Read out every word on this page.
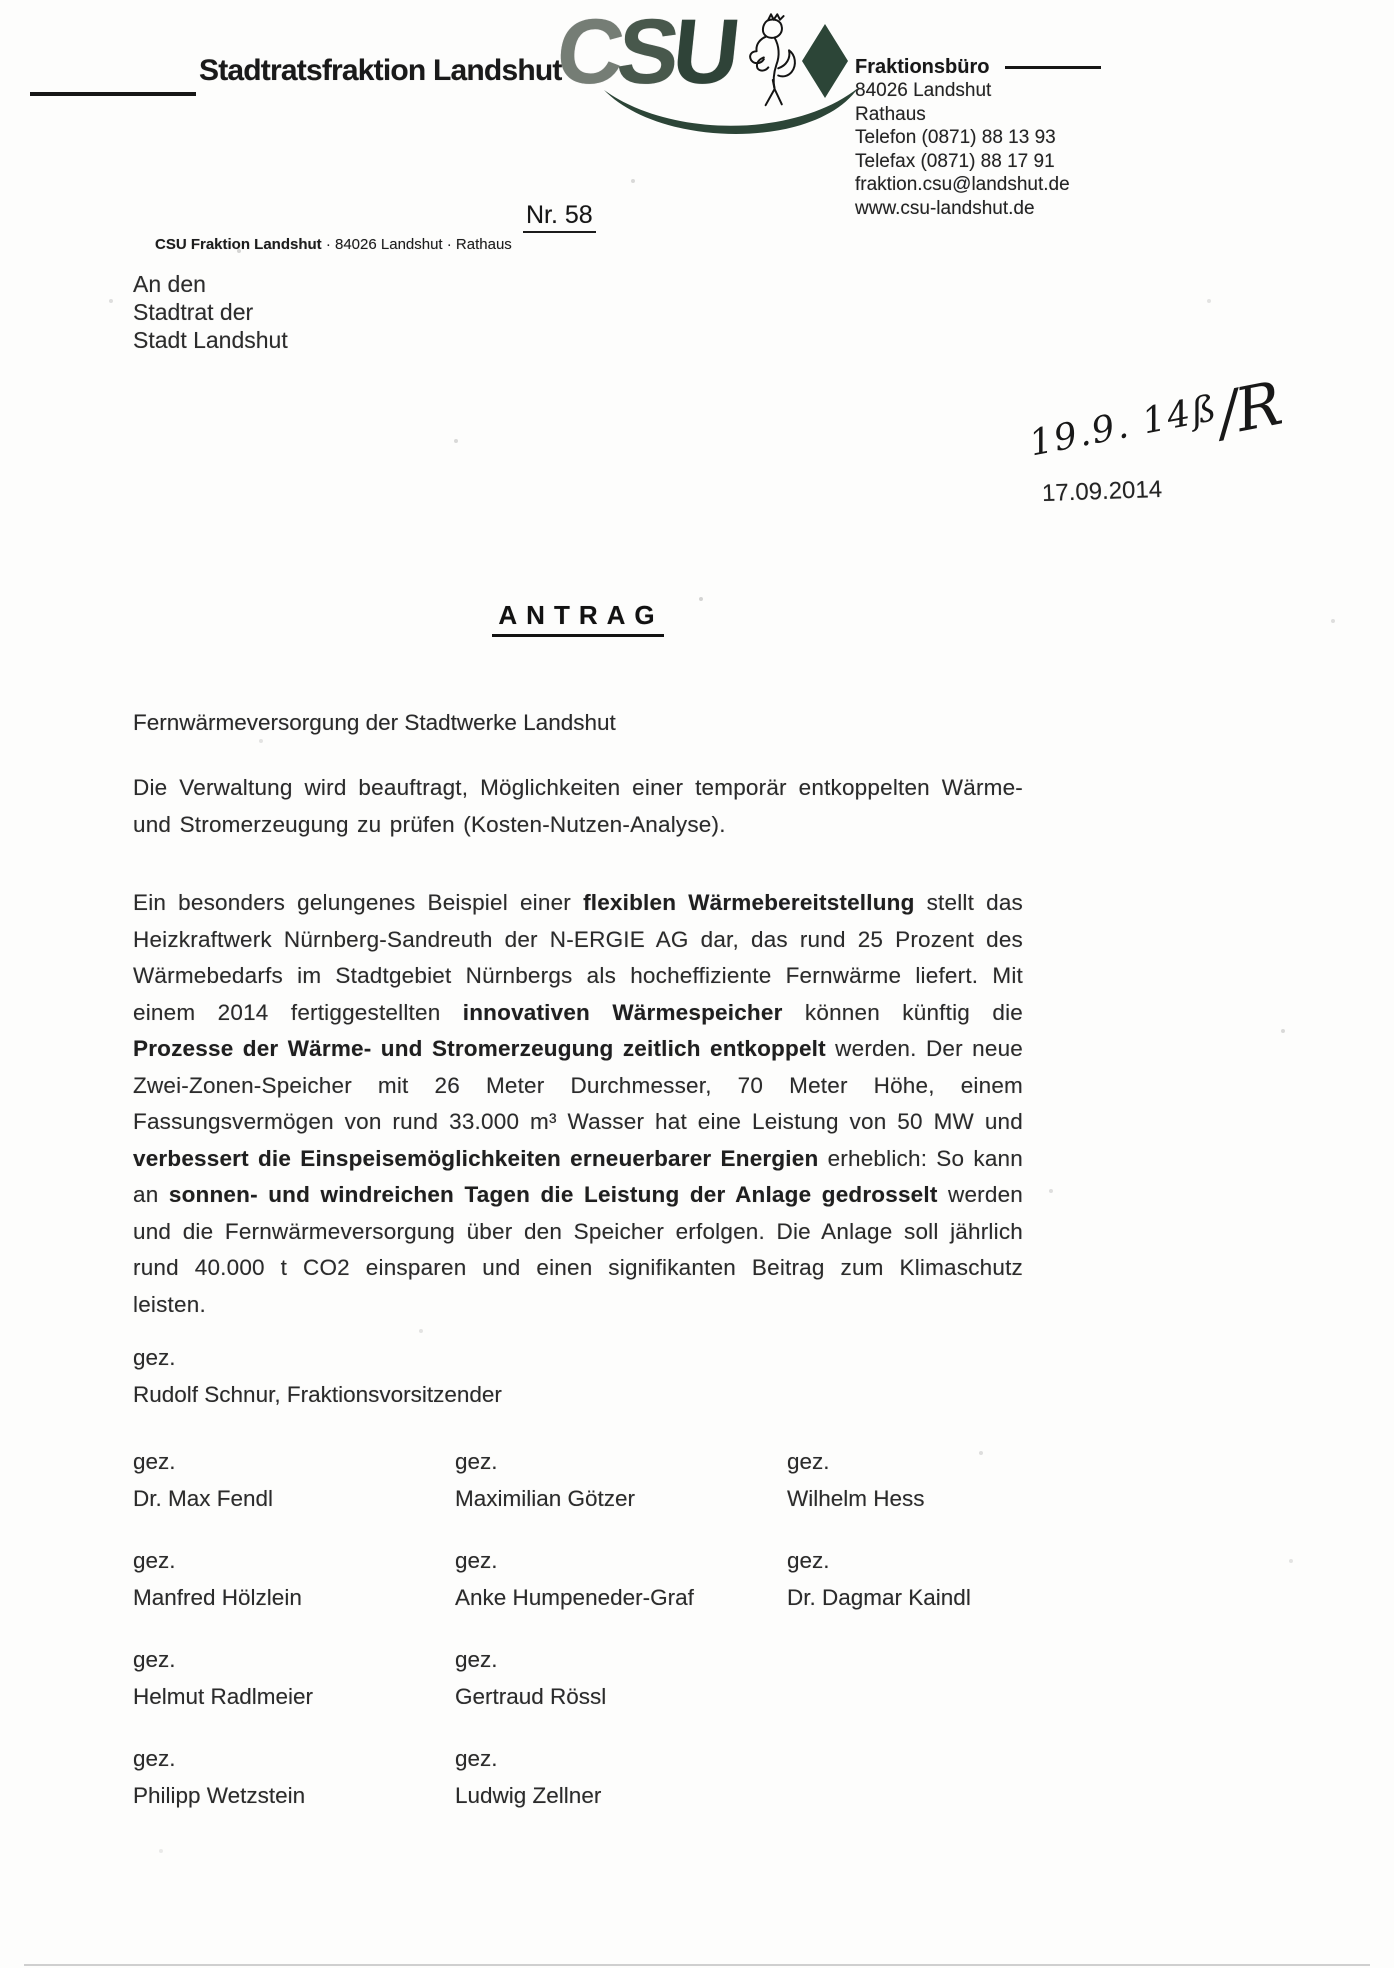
Stadtratsfraktion Landshut
CSU	Fraktionsbüro
84026 Landshut
Rathaus
Telefon (0871) 88 13 93
Telefax (0871) 88 17 91
fraktion.csu@landshut.de
www.csu-landshut.de
Nr. 58
CSU Fraktion Landshut · 84026 Landshut · Rathaus
An den
Stadtrat der
Stadt Landshut
19.9. 14ß/R
17.09.2014
ANTRAG
Fernwärmeversorgung der Stadtwerke Landshut

Die Verwaltung wird beauftragt, Möglichkeiten einer temporär entkoppelten Wärme- und Stromerzeugung zu prüfen (Kosten-Nutzen-Analyse).

Ein besonders gelungenes Beispiel einer flexiblen Wärmebereitstellung stellt das Heizkraftwerk Nürnberg-Sandreuth der N-ERGIE AG dar, das rund 25 Prozent des Wärmebedarfs im Stadtgebiet Nürnbergs als hocheffiziente Fernwärme liefert. Mit einem 2014 fertiggestellten innovativen Wärmespeicher können künftig die Prozesse der Wärme- und Stromerzeugung zeitlich entkoppelt werden. Der neue Zwei-Zonen-Speicher mit 26 Meter Durchmesser, 70 Meter Höhe, einem Fassungsvermögen von rund 33.000 m³ Wasser hat eine Leistung von 50 MW und verbessert die Einspeisemöglichkeiten erneuerbarer Energien erheblich: So kann an sonnen- und windreichen Tagen die Leistung der Anlage gedrosselt werden und die Fernwärmeversorgung über den Speicher erfolgen. Die Anlage soll jährlich rund 40.000 t CO2 einsparen und einen signifikanten Beitrag zum Klimaschutz leisten.

gez.
Rudolf Schnur, Fraktionsvorsitzender
gez.
Dr. Max Fendl
gez.
Maximilian Götzer
gez.
Wilhelm Hess
gez.
Manfred Hölzlein
gez.
Anke Humpeneder-Graf
gez.
Dr. Dagmar Kaindl
gez.
Helmut Radlmeier
gez.
Gertraud Rössl
gez.
Philipp Wetzstein
gez.
Ludwig Zellner
